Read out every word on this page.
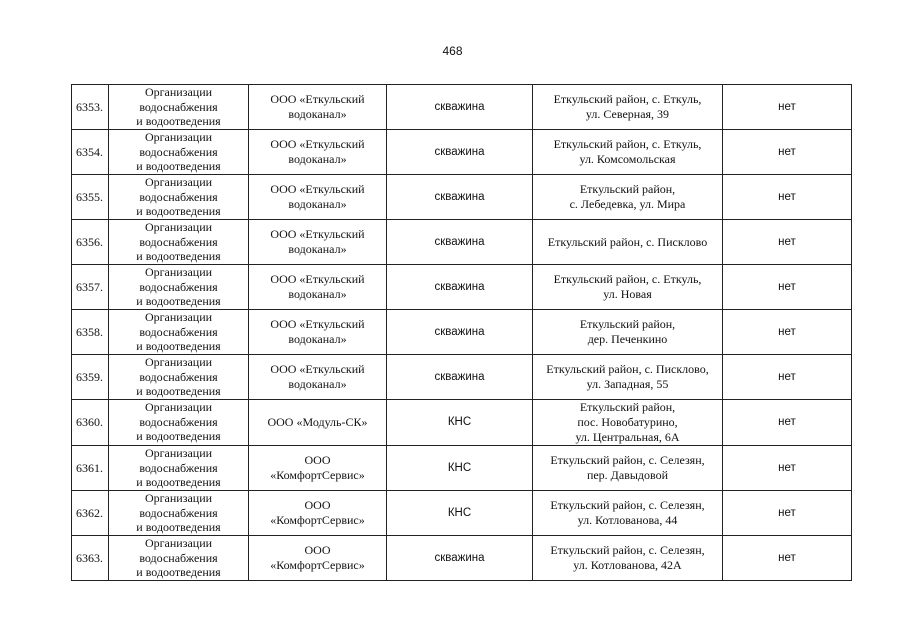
468
6353.	Организации
водоснабжения
и водоотведения	ООО «Еткульский
водоканал»	скважина	Еткульский район, с. Еткуль,
ул. Северная, 39	нет
6354.	Организации
водоснабжения
и водоотведения	ООО «Еткульский
водоканал»	скважина	Еткульский район, с. Еткуль,
ул. Комсомольская	нет
6355.	Организации
водоснабжения
и водоотведения	ООО «Еткульский
водоканал»	скважина	Еткульский район,
с. Лебедевка, ул. Мира	нет
6356.	Организации
водоснабжения
и водоотведения	ООО «Еткульский
водоканал»	скважина	Еткульский район, с. Писклово	нет
6357.	Организации
водоснабжения
и водоотведения	ООО «Еткульский
водоканал»	скважина	Еткульский район, с. Еткуль,
ул. Новая	нет
6358.	Организации
водоснабжения
и водоотведения	ООО «Еткульский
водоканал»	скважина	Еткульский район,
дер. Печенкино	нет
6359.	Организации
водоснабжения
и водоотведения	ООО «Еткульский
водоканал»	скважина	Еткульский район, с. Писклово,
ул. Западная, 55	нет
6360.	Организации
водоснабжения
и водоотведения	ООО «Модуль-СК»	КНС	Еткульский район,
пос. Новобатурино,
ул. Центральная, 6А	нет
6361.	Организации
водоснабжения
и водоотведения	ООО
«КомфортСервис»	КНС	Еткульский район, с. Селезян,
пер. Давыдовой	нет
6362.	Организации
водоснабжения
и водоотведения	ООО
«КомфортСервис»	КНС	Еткульский район, с. Селезян,
ул. Котлованова, 44	нет
6363.	Организации
водоснабжения
и водоотведения	ООО
«КомфортСервис»	скважина	Еткульский район, с. Селезян,
ул. Котлованова, 42А	нет
